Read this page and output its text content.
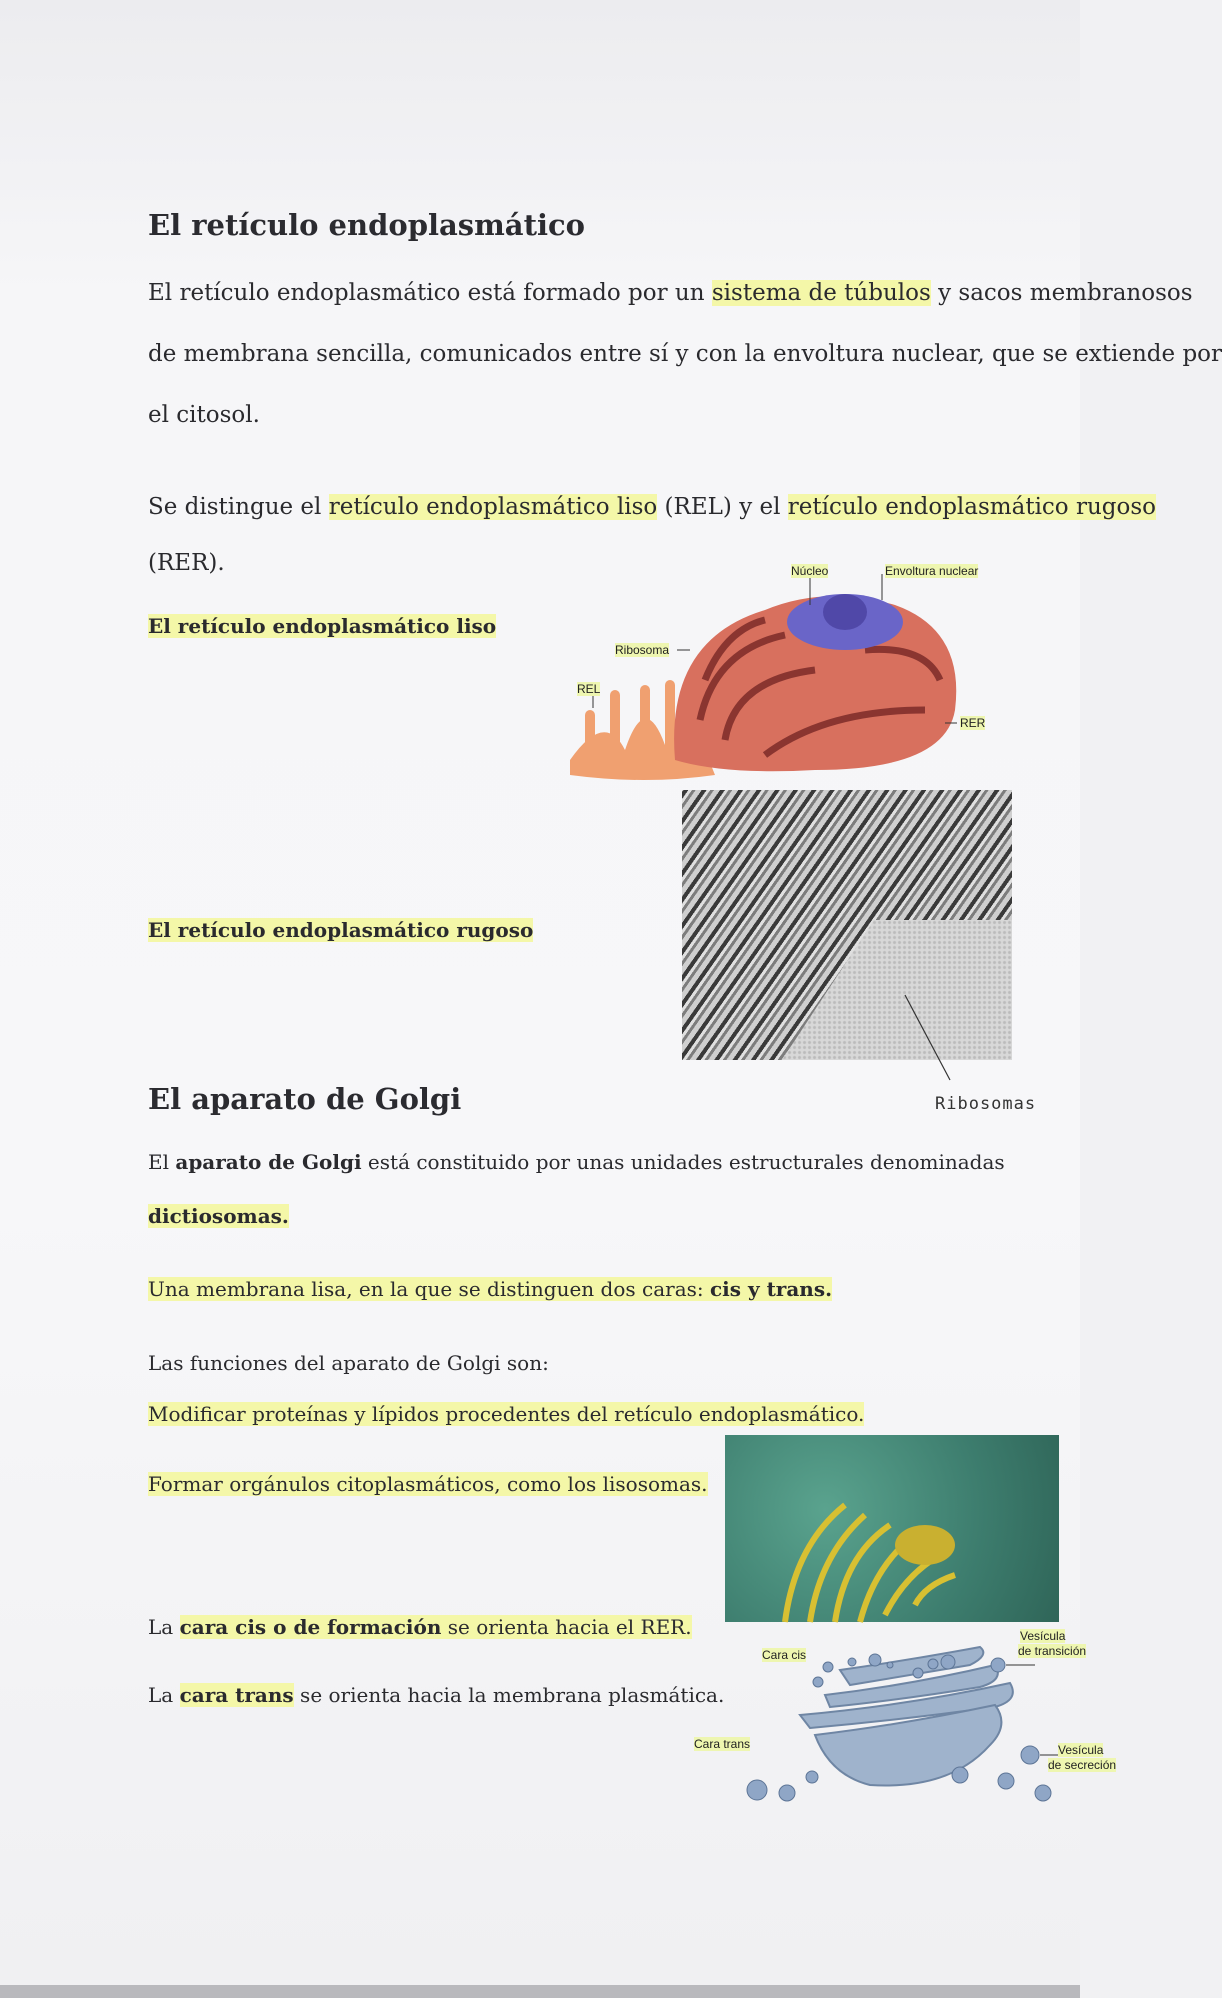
El retículo endoplasmático
El retículo endoplasmático está formado por un sistema de túbulos y sacos membranosos
de membrana sencilla, comunicados entre sí y con la envoltura nuclear, que se extiende por
el citosol.
Se distingue el retículo endoplasmático liso (REL) y el retículo endoplasmático rugoso
(RER).
El retículo endoplasmático liso
Núcleo	Envoltura nuclear
Ribosoma
REL
RER
El retículo endoplasmático rugoso
Ribosomas
El aparato de Golgi
El aparato de Golgi está constituido por unas unidades estructurales denominadas
dictiosomas.
Una membrana lisa, en la que se distinguen dos caras: cis y trans.
Las funciones del aparato de Golgi son:
Modificar proteínas y lípidos procedentes del retículo endoplasmático.
Formar orgánulos citoplasmáticos, como los lisosomas.
La cara cis o de formación se orienta hacia el RER.
La cara trans se orienta hacia la membrana plasmática.
Cara cis
Vesícula
de transición
Cara trans	Vesícula
de secreción
